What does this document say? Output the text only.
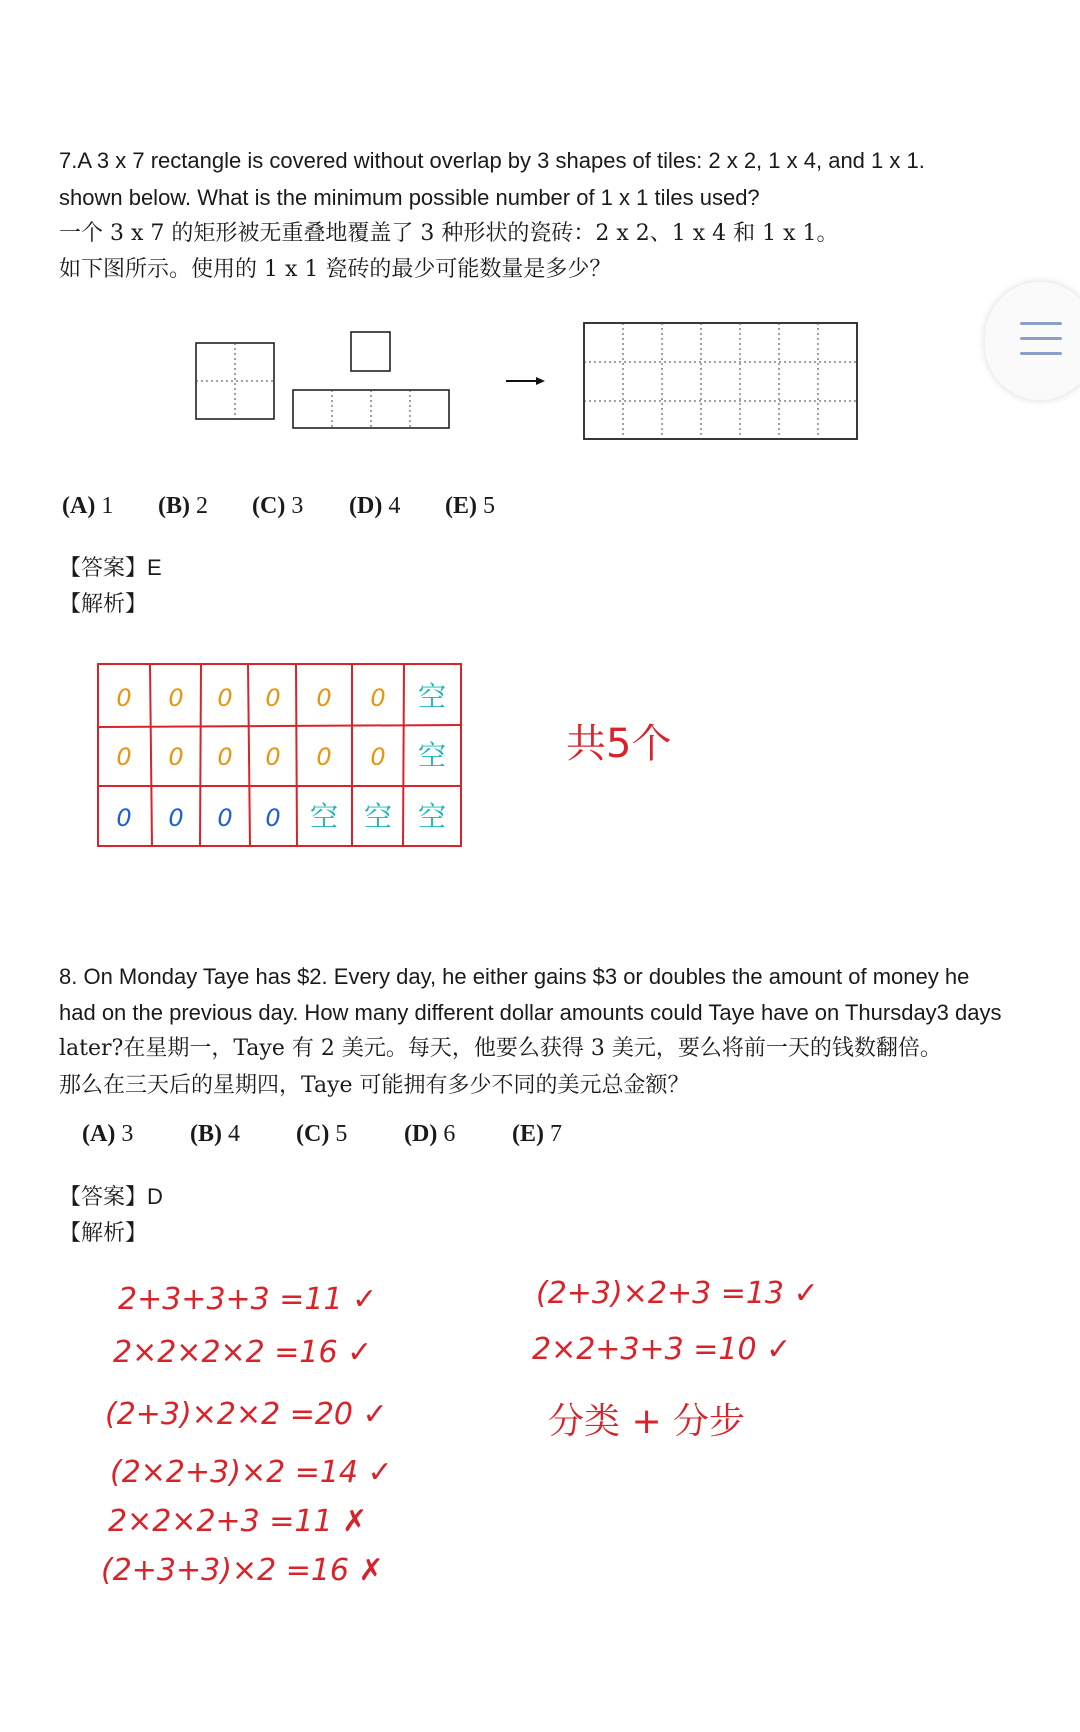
7.A 3 x 7 rectangle is covered without overlap by 3 shapes of tiles: 2 x 2, 1 x 4, and 1 x 1.
shown below. What is the minimum possible number of 1 x 1 tiles used?
一个 3 x 7 的矩形被无重叠地覆盖了 3 种形状的瓷砖：2 x 2、1 x 4 和 1 x 1。
如下图所示。使用的 1 x 1 瓷砖的最少可能数量是多少？
(A) 1 (B) 2 (C) 3 (D) 4 (E) 5
【答案】E
【解析】
0 0 0 0 0 0 空
0 0 0 0 0 0 空
0 0 0 0 空 空 空
共5个
8. On Monday Taye has $2. Every day, he either gains $3 or doubles the amount of money he
had on the previous day. How many different dollar amounts could Taye have on Thursday3 days
later?在星期一，Taye 有 2 美元。每天，他要么获得 3 美元，要么将前一天的钱数翻倍。
那么在三天后的星期四，Taye 可能拥有多少不同的美元总金额？
(A) 3 (B) 4 (C) 5 (D) 6 (E) 7
【答案】D
【解析】
2+3+3+3 =11 ✓
2×2×2×2 =16 ✓
(2+3)×2×2 =20 ✓
(2×2+3)×2 =14 ✓
2×2×2+3 =11 ✗
(2+3+3)×2 =16 ✗
(2+3)×2+3 =13 ✓
2×2+3+3 =10 ✓
分类 + 分步
